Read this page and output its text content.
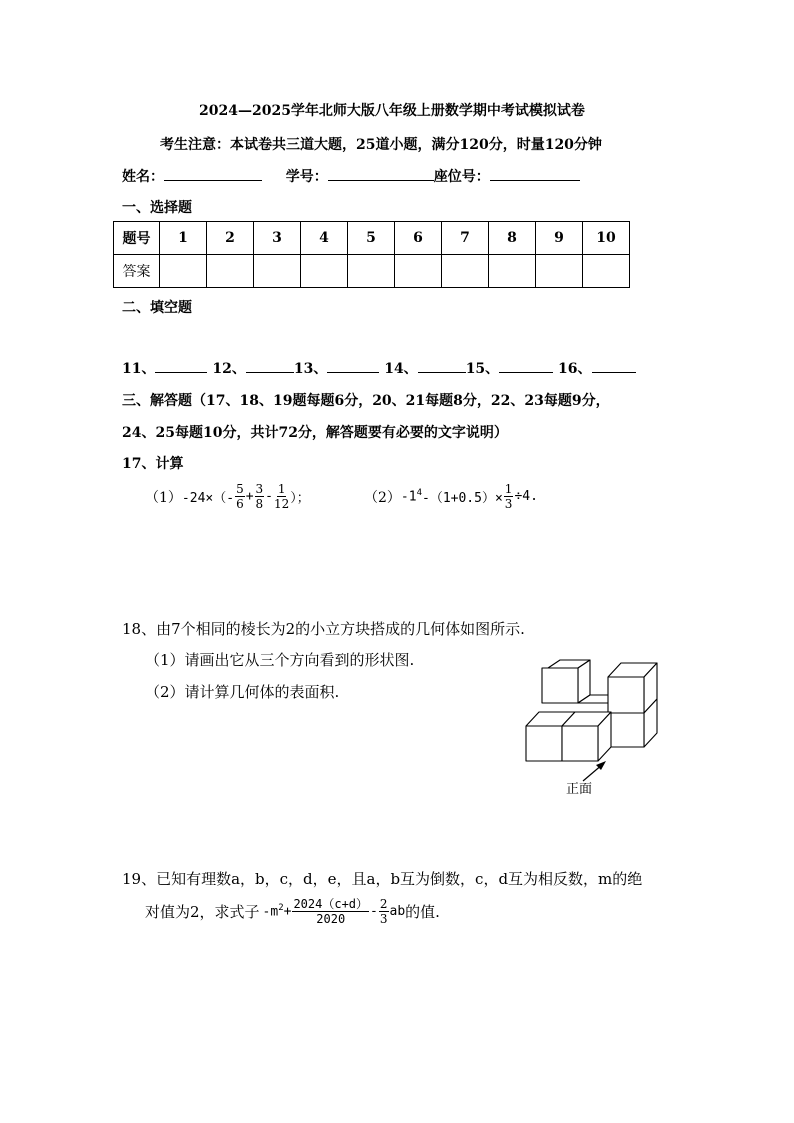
2024—2025学年北师大版八年级上册数学期中考试模拟试卷
考生注意：本试卷共三道大题，25道小题，满分120分，时量120分钟
姓名：	学号：	座位号：
一、选择题
题号	1	2	3	4	5	6	7	8	9	10
答案										
二、填空题
11、	12、	13、	14、	15、	16、
三、解答题（17、18、19题每题6分，20、21每题8分，22、23每题9分，
24、25每题10分，共计72分，解答题要有必要的文字说明）
17、计算
（1） $-24\times(- \frac{5}{6} + \frac{3}{8} - \frac{1}{12}$ ）；	（2） $-1^4$ $-(1+0.5)\times \frac{1}{3} \div 4$.
18、由7个相同的棱长为2的小立方块搭成的几何体如图所示.
（1）请画出它从三个方向看到的形状图.
（2）请计算几何体的表面积.
正面
19、已知有理数a，b，c，d，e，且a，b互为倒数，c，d互为相反数，m的绝
对值为2，求式子 $-m^2 + \frac{2024(c+d)}{2020} - \frac{2}{3}$ ab 的值.
